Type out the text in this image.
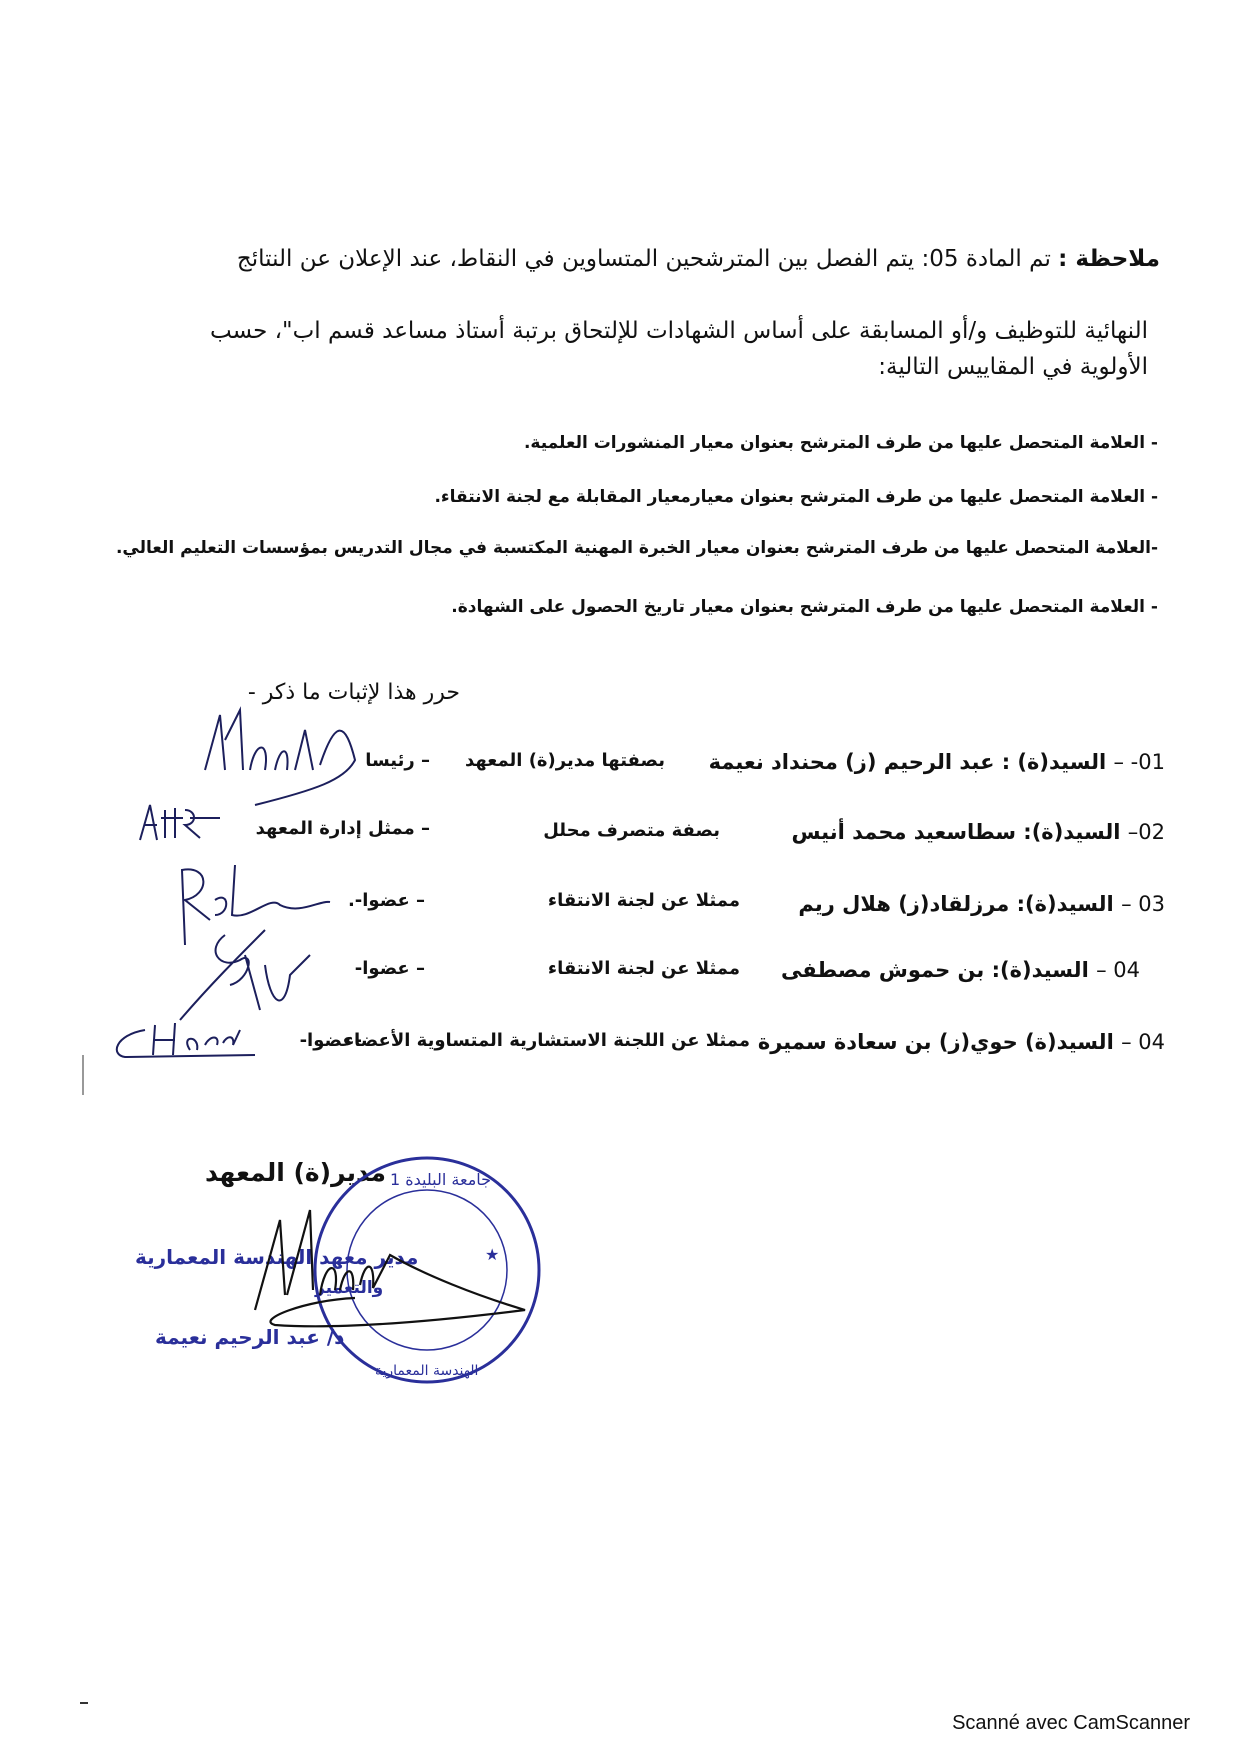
ملاحظة : تم المادة 05: يتم الفصل بين المترشحين المتساوين في النقاط، عند الإعلان عن النتائج
النهائية للتوظيف و/أو المسابقة على أساس الشهادات للإلتحاق برتبة أستاذ مساعد قسم اب"، حسب
الأولوية في المقاييس التالية:
- العلامة المتحصل عليها من طرف المترشح بعنوان معيار المنشورات العلمية.
- العلامة المتحصل عليها من طرف المترشح بعنوان معيارمعيار المقابلة مع لجنة الانتقاء.
-العلامة المتحصل عليها من طرف المترشح بعنوان معيار الخبرة المهنية المكتسبة في مجال التدريس بمؤسسات التعليم العالي.
- العلامة المتحصل عليها من طرف المترشح بعنوان معيار تاريخ الحصول على الشهادة.
حرر هذا لإثبات ما ذكر -
01- – السيد(ة) : عبد الرحيم (ز) محنداد نعيمة
بصفتها مدير(ة) المعهد
– رئيسا
02– السيد(ة): سطاسعيد محمد أنيس
بصفة متصرف محلل
– ممثل إدارة المعهد
03 – السيد(ة): مرزلقاد(ز) هلال ريم
ممثلا عن لجنة الانتقاء
– عضوا-.
04 – السيد(ة): بن حموش مصطفى
ممثلا عن لجنة الانتقاء
– عضوا-
04 – السيد(ة) حوي(ز) بن سعادة سميرة
ممثلا عن اللجنة الاستشارية المتساوية الأعضاء
-عضوا-
مدير(ة) المعهد
★
جامعة البليدة 1
الهندسة المعمارية
مدير معهد الهندسة المعمارية
والتعمير
د/ عبد الرحيم نعيمة
Scanné avec CamScanner
